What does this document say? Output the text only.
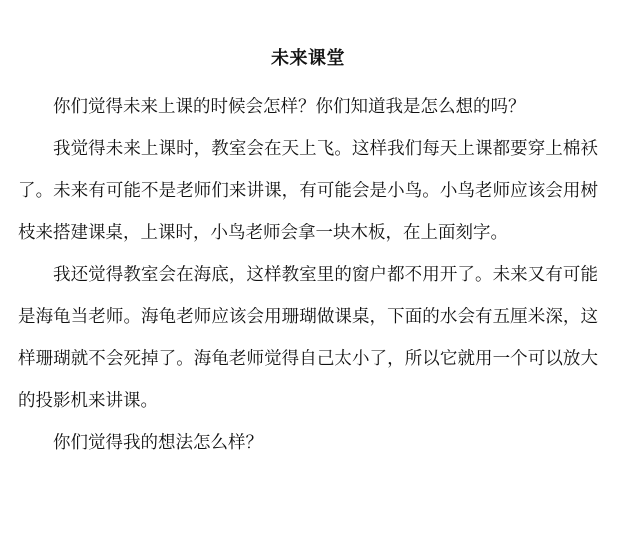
未来课堂

你们觉得未来上课的时候会怎样？你们知道我是怎么想的吗？

我觉得未来上课时，教室会在天上飞。这样我们每天上课都要穿上棉袄了。未来有可能不是老师们来讲课，有可能会是小鸟。小鸟老师应该会用树枝来搭建课桌，上课时，小鸟老师会拿一块木板，在上面刻字。

我还觉得教室会在海底，这样教室里的窗户都不用开了。未来又有可能是海龟当老师。海龟老师应该会用珊瑚做课桌，下面的水会有五厘米深，这样珊瑚就不会死掉了。海龟老师觉得自己太小了，所以它就用一个可以放大的投影机来讲课。

你们觉得我的想法怎么样？
